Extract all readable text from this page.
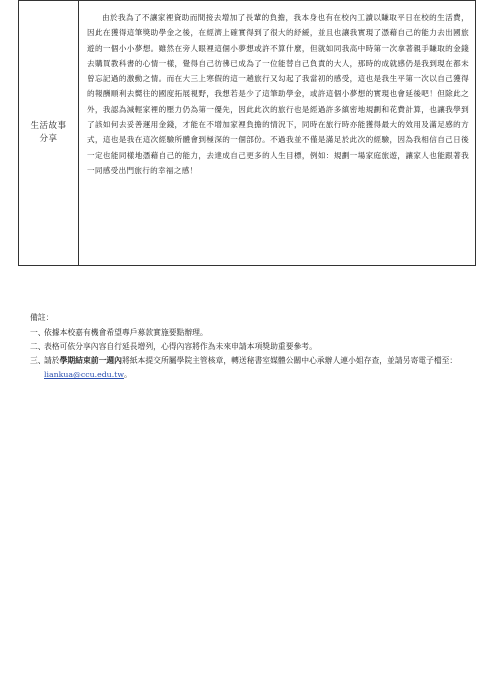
生活故事分享

由於我為了不讓家裡資助而間接去增加了長輩的負擔，我本身也有在校內工讀以賺取平日在校的生活費，因此在獲得這筆獎助學金之後，在經濟上確實得到了很大的紓緩，並且也讓我實現了憑藉自己的能力去出國旅遊的一個小小夢想。雖然在旁人眼裡這個小夢想或許不算什麼，但就如同我高中時第一次拿著親手賺取的金錢去購買教科書的心情一樣，覺得自己彷彿已成為了一位能替自己負責的大人，那時的成就感仍是我到現在都未曾忘記過的激動之情。而在大三上寒假的這一趟旅行又勾起了我當初的感受，這也是我生平第一次以自己獲得的報酬順利去嚮往的國度拓展視野，我想若是少了這筆助學金，或許這個小夢想的實現也會延後吧！但除此之外，我認為減輕家裡的壓力仍為第一優先，因此此次的旅行也是經過許多縝密地規劃和花費計算，也讓我學到了該如何去妥善運用金錢，才能在不增加家裡負擔的情況下，同時在旅行時亦能獲得最大的效用及滿足感的方式，這也是我在這次經驗所體會到極深的一個部份。不過我並不僅是滿足於此次的經驗，因為我相信自己日後一定也能同樣地憑藉自己的能力，去達成自己更多的人生目標，例如：規劃一場家庭旅遊，讓家人也能跟著我一同感受出門旅行的幸福之感！

備註：

一、
依據本校嘉有機會希望專戶募款實施要點辦理。
二、
表格可依分享內容自行延長增列，心得內容將作為未來申請本項獎助重要參考。
三、
請於學期結束前一週內將紙本提交所屬學院主管核章，轉送秘書室媒體公關中心承辦人連小姐存查，並請另寄電子檔至：liankua@ccu.edu.tw。
